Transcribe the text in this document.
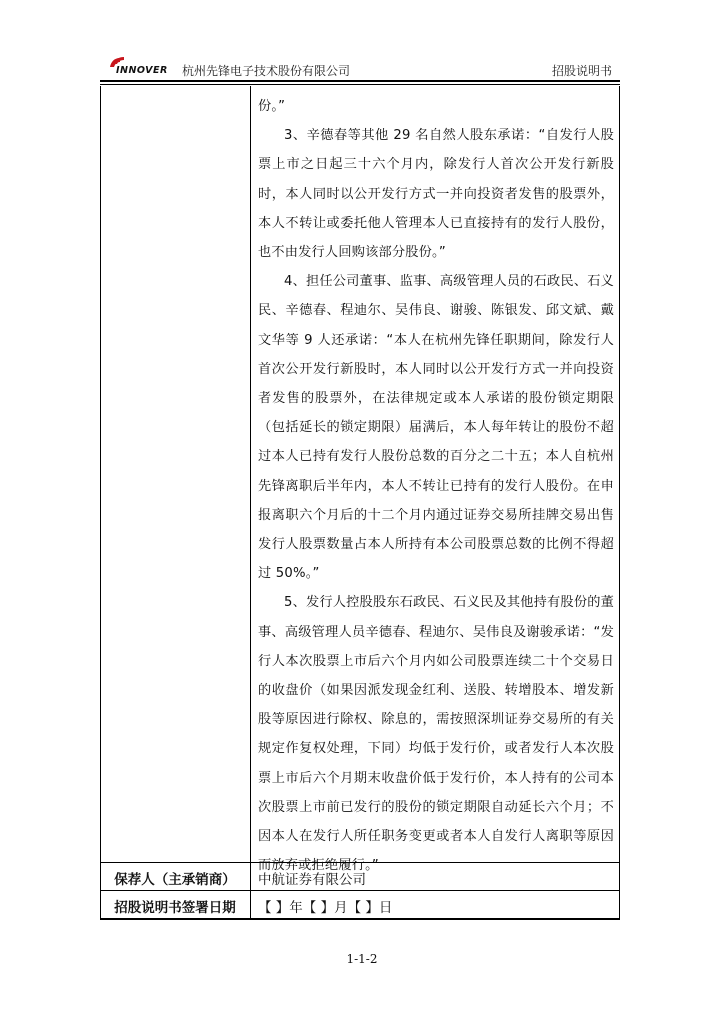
INNOVER 杭州先锋电子技术股份有限公司	招股说明书

份。”

3、辛德春等其他 29 名自然人股东承诺：“自发行人股票上市之日起三十六个月内，除发行人首次公开发行新股时，本人同时以公开发行方式一并向投资者发售的股票外，本人不转让或委托他人管理本人已直接持有的发行人股份，也不由发行人回购该部分股份。”

4、担任公司董事、监事、高级管理人员的石政民、石义民、辛德春、程迪尔、吴伟良、谢骏、陈银发、邱文斌、戴文华等 9 人还承诺：“本人在杭州先锋任职期间，除发行人首次公开发行新股时，本人同时以公开发行方式一并向投资者发售的股票外，在法律规定或本人承诺的股份锁定期限（包括延长的锁定期限）届满后，本人每年转让的股份不超过本人已持有发行人股份总数的百分之二十五；本人自杭州先锋离职后半年内，本人不转让已持有的发行人股份。在申报离职六个月后的十二个月内通过证券交易所挂牌交易出售发行人股票数量占本人所持有本公司股票总数的比例不得超过 50%。”

5、发行人控股股东石政民、石义民及其他持有股份的董事、高级管理人员辛德春、程迪尔、吴伟良及谢骏承诺：“发行人本次股票上市后六个月内如公司股票连续二十个交易日的收盘价（如果因派发现金红利、送股、转增股本、增发新股等原因进行除权、除息的，需按照深圳证券交易所的有关规定作复权处理，下同）均低于发行价，或者发行人本次股票上市后六个月期末收盘价低于发行价，本人持有的公司本次股票上市前已发行的股份的锁定期限自动延长六个月；不因本人在发行人所任职务变更或者本人自发行人离职等原因而放弃或拒绝履行。”

保荐人（主承销商）	中航证券有限公司
招股说明书签署日期	【 】年【 】月【 】日
1-1-2
